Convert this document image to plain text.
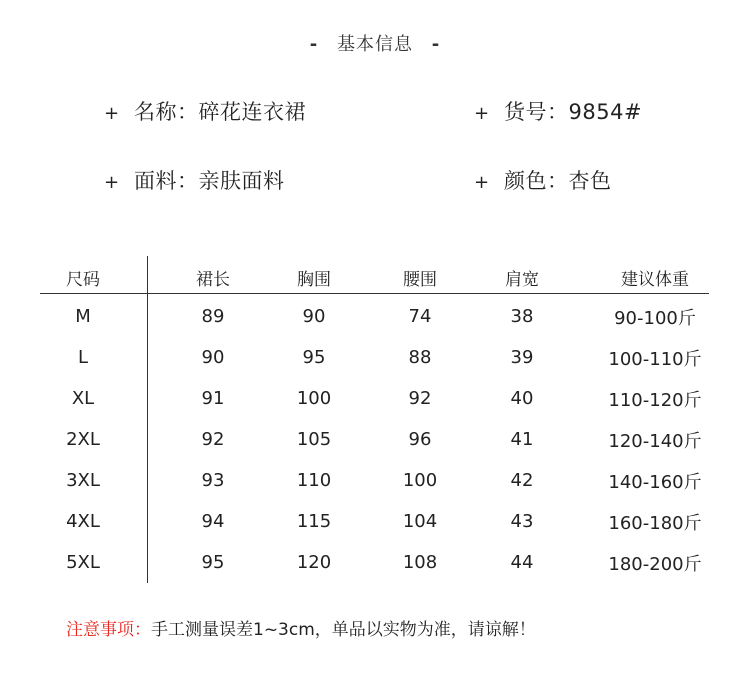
- 基本信息 -
+ 名称：碎花连衣裙	+ 货号：9854#
+ 面料：亲肤面料	+ 颜色：杏色
尺码	裙长	胸围	腰围	肩宽	建议体重
M	89	90	74	38	90-100斤
L	90	95	88	39	100-110斤
XL	91	100	92	40	110-120斤
2XL	92	105	96	41	120-140斤
3XL	93	110	100	42	140-160斤
4XL	94	115	104	43	160-180斤
5XL	95	120	108	44	180-200斤
注意事项：手工测量误差1~3cm，单品以实物为准，请谅解！
